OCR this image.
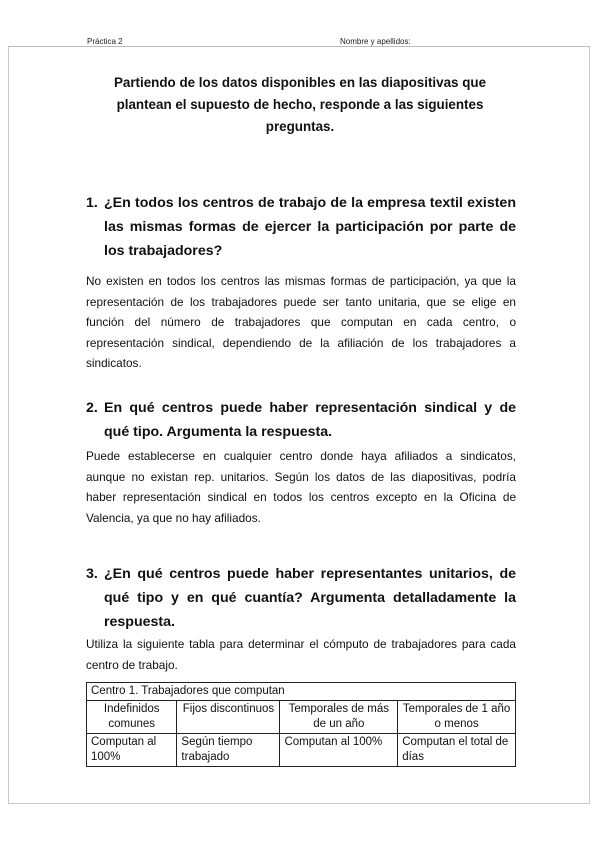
Práctica 2	Nombre y apellidos:
Partiendo de los datos disponibles en las diapositivas que plantean el supuesto de hecho, responde a las siguientes preguntas.
1. ¿En todos los centros de trabajo de la empresa textil existen las mismas formas de ejercer la participación por parte de los trabajadores?
No existen en todos los centros las mismas formas de participación, ya que la representación de los trabajadores puede ser tanto unitaria, que se elige en función del número de trabajadores que computan en cada centro, o representación sindical, dependiendo de la afiliación de los trabajadores a sindicatos.
2. En qué centros puede haber representación sindical y de qué tipo. Argumenta la respuesta.
Puede establecerse en cualquier centro donde haya afiliados a sindicatos, aunque no existan rep. unitarios. Según los datos de las diapositivas, podría haber representación sindical en todos los centros excepto en la Oficina de Valencia, ya que no hay afiliados.
3. ¿En qué centros puede haber representantes unitarios, de qué tipo y en qué cuantía? Argumenta detalladamente la respuesta.
Utiliza la siguiente tabla para determinar el cómputo de trabajadores para cada centro de trabajo.
Centro 1. Trabajadores que computan			
Indefinidos comunes	Fijos discontinuos	Temporales de más de un año	Temporales de 1 año o menos
Computan al 100%	Según tiempo trabajado	Computan al 100%	Computan el total de días
